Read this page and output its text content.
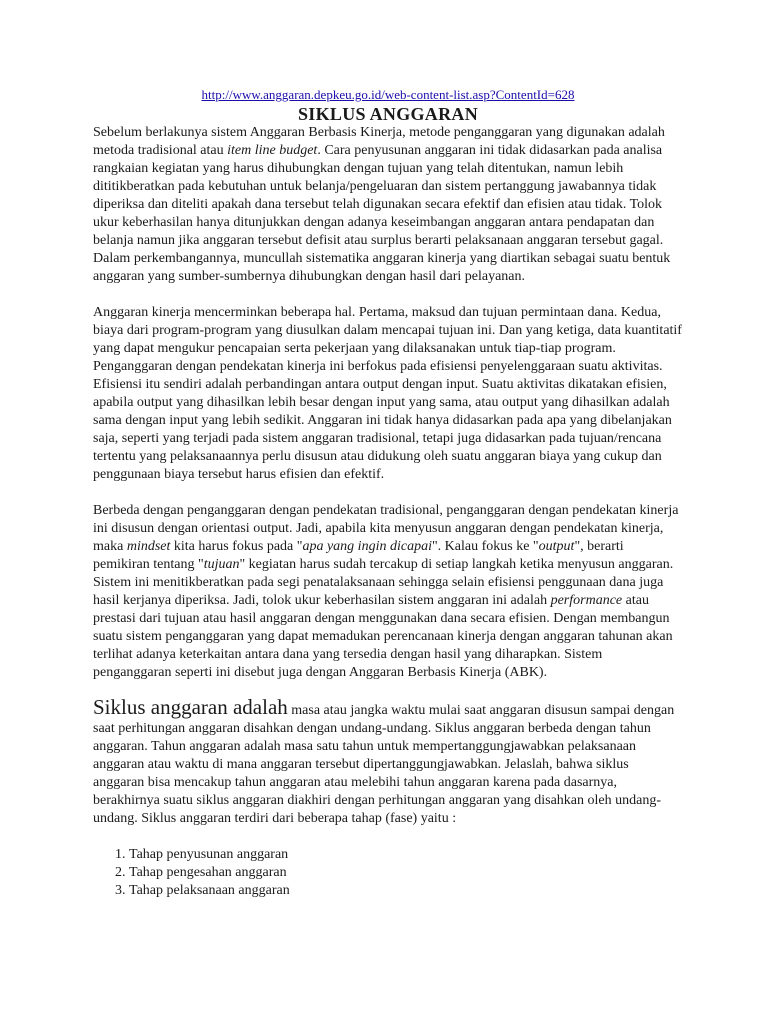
http://www.anggaran.depkeu.go.id/web-content-list.asp?ContentId=628
SIKLUS ANGGARAN

Sebelum berlakunya sistem Anggaran Berbasis Kinerja, metode penganggaran yang digunakan adalah metoda tradisional atau item line budget. Cara penyusunan anggaran ini tidak didasarkan pada analisa rangkaian kegiatan yang harus dihubungkan dengan tujuan yang telah ditentukan, namun lebih dititikberatkan pada kebutuhan untuk belanja/pengeluaran dan sistem pertanggung jawabannya tidak diperiksa dan diteliti apakah dana tersebut telah digunakan secara efektif dan efisien atau tidak. Tolok ukur keberhasilan hanya ditunjukkan dengan adanya keseimbangan anggaran antara pendapatan dan belanja namun jika anggaran tersebut defisit atau surplus berarti pelaksanaan anggaran tersebut gagal. Dalam perkembangannya, muncullah sistematika anggaran kinerja yang diartikan sebagai suatu bentuk anggaran yang sumber-sumbernya dihubungkan dengan hasil dari pelayanan.

Anggaran kinerja mencerminkan beberapa hal. Pertama, maksud dan tujuan permintaan dana. Kedua, biaya dari program-program yang diusulkan dalam mencapai tujuan ini. Dan yang ketiga, data kuantitatif yang dapat mengukur pencapaian serta pekerjaan yang dilaksanakan untuk tiap-tiap program. Penganggaran dengan pendekatan kinerja ini berfokus pada efisiensi penyelenggaraan suatu aktivitas. Efisiensi itu sendiri adalah perbandingan antara output dengan input. Suatu aktivitas dikatakan efisien, apabila output yang dihasilkan lebih besar dengan input yang sama, atau output yang dihasilkan adalah sama dengan input yang lebih sedikit. Anggaran ini tidak hanya didasarkan pada apa yang dibelanjakan saja, seperti yang terjadi pada sistem anggaran tradisional, tetapi juga didasarkan pada tujuan/rencana tertentu yang pelaksanaannya perlu disusun atau didukung oleh suatu anggaran biaya yang cukup dan penggunaan biaya tersebut harus efisien dan efektif.

Berbeda dengan penganggaran dengan pendekatan tradisional, penganggaran dengan pendekatan kinerja ini disusun dengan orientasi output. Jadi, apabila kita menyusun anggaran dengan pendekatan kinerja, maka mindset kita harus fokus pada "apa yang ingin dicapai". Kalau fokus ke "output", berarti pemikiran tentang "tujuan" kegiatan harus sudah tercakup di setiap langkah ketika menyusun anggaran. Sistem ini menitikberatkan pada segi penatalaksanaan sehingga selain efisiensi penggunaan dana juga hasil kerjanya diperiksa. Jadi, tolok ukur keberhasilan sistem anggaran ini adalah performance atau prestasi dari tujuan atau hasil anggaran dengan menggunakan dana secara efisien. Dengan membangun suatu sistem penganggaran yang dapat memadukan perencanaan kinerja dengan anggaran tahunan akan terlihat adanya keterkaitan antara dana yang tersedia dengan hasil yang diharapkan. Sistem penganggaran seperti ini disebut juga dengan Anggaran Berbasis Kinerja (ABK).

Siklus anggaran adalah masa atau jangka waktu mulai saat anggaran disusun sampai dengan saat perhitungan anggaran disahkan dengan undang-undang. Siklus anggaran berbeda dengan tahun anggaran. Tahun anggaran adalah masa satu tahun untuk mempertanggungjawabkan pelaksanaan anggaran atau waktu di mana anggaran tersebut dipertanggungjawabkan. Jelaslah, bahwa siklus anggaran bisa mencakup tahun anggaran atau melebihi tahun anggaran karena pada dasarnya, berakhirnya suatu siklus anggaran diakhiri dengan perhitungan anggaran yang disahkan oleh undang-undang. Siklus anggaran terdiri dari beberapa tahap (fase) yaitu :

1. Tahap penyusunan anggaran
2. Tahap pengesahan anggaran
3. Tahap pelaksanaan anggaran
